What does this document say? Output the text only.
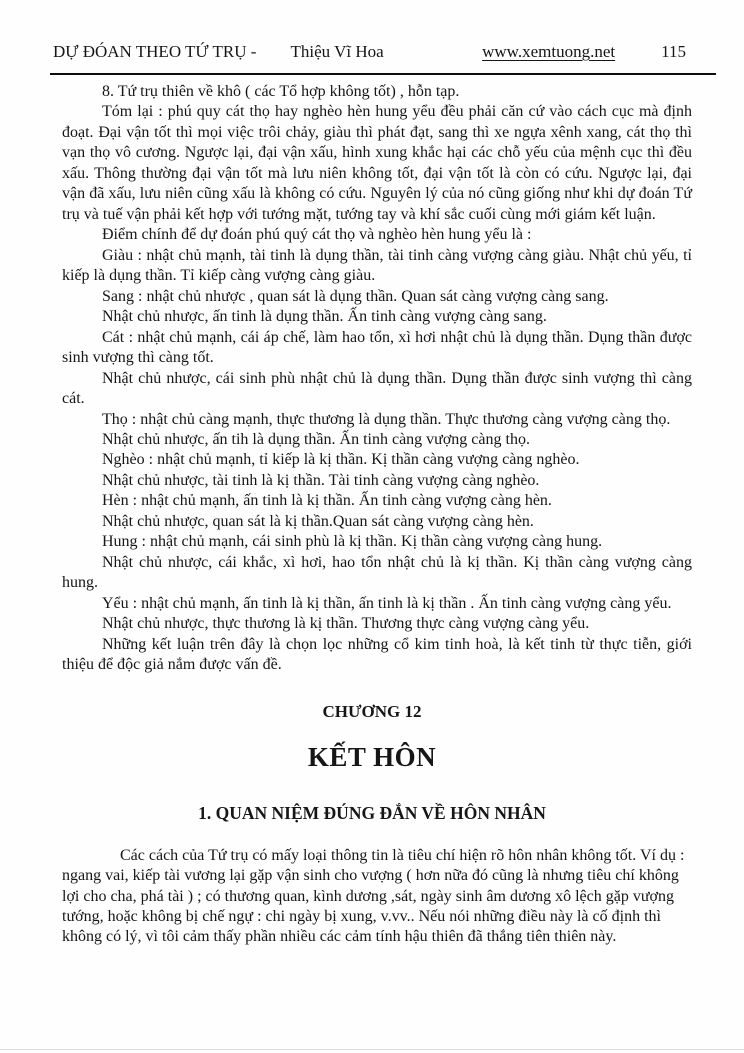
DỰ ĐÓAN THEO TỨ TRỤ - Thiệu Vĩ Hoa	www.xemtuong.net	115

8. Tứ trụ thiên về khô ( các Tổ hợp không tốt) , hỗn tạp.

Tóm lại : phú quy cát thọ hay nghèo hèn hung yểu đều phải căn cứ vào cách cục mà định đoạt. Đại vận tốt thì mọi việc trôi chảy, giàu thì phát đạt, sang thì xe ngựa xênh xang, cát thọ thì vạn thọ vô cương. Ngược lại, đại vận xấu, hình xung khắc hại các chỗ yếu của mệnh cục thì đều xấu. Thông thường đại vận tốt mà lưu niên không tốt, đại vận tốt là còn có cứu. Ngược lại, đại vận đã xấu, lưu niên cũng xấu là không có cứu. Nguyên lý của nó cũng giống như khi dự đoán Tứ trụ và tuế vận phải kết hợp với tướng mặt, tướng tay và khí sắc cuối cùng mới giám kết luận.

Điểm chính để dự đoán phú quý cát thọ và nghèo hèn hung yểu là :

Giàu : nhật chủ mạnh, tài tinh là dụng thần, tài tinh càng vượng càng giàu. Nhật chủ yếu, tỉ kiếp là dụng thần. Tỉ kiếp càng vượng càng giàu.

Sang : nhật chủ nhược , quan sát là dụng thần. Quan sát càng vượng càng sang.

Nhật chủ nhược, ấn tinh là dụng thần. Ấn tinh càng vượng càng sang.

Cát : nhật chủ mạnh, cái áp chế, làm hao tổn, xì hơi nhật chủ là dụng thần. Dụng thần được sinh vượng thì càng tốt.

Nhật chủ nhược, cái sinh phù nhật chủ là dụng thần. Dụng thần được sinh vượng thì càng cát.

Thọ : nhật chủ càng mạnh, thực thương là dụng thần. Thực thương càng vượng càng thọ.

Nhật chủ nhược, ấn tih là dụng thần. Ấn tinh càng vượng càng thọ.

Nghèo : nhật chủ mạnh, tỉ kiếp là kị thần. Kị thần càng vượng càng nghèo.

Nhật chủ nhược, tài tinh là kị thần. Tài tinh càng vượng càng nghèo.

Hèn : nhật chủ mạnh, ấn tinh là kị thần. Ấn tinh càng vượng càng hèn.

Nhật chủ nhược, quan sát là kị thần.Quan sát càng vượng càng hèn.

Hung : nhật chủ mạnh, cái sinh phù là kị thần. Kị thần càng vượng càng hung.

Nhật chủ nhược, cái khắc, xì hơi, hao tổn nhật chủ là kị thần. Kị thần càng vượng càng hung.

Yểu : nhật chủ mạnh, ấn tinh là kị thần, ấn tinh là kị thần . Ấn tinh càng vượng càng yểu.

Nhật chủ nhược, thực thương là kị thần. Thương thực càng vượng càng yểu.

Những kết luận trên đây là chọn lọc những cổ kim tinh hoà, là kết tinh từ thực tiễn, giới thiệu để độc giả nắm được vấn đề.

CHƯƠNG 12
KẾT HÔN
1. QUAN NIỆM ĐÚNG ĐẮN VỀ HÔN NHÂN

Các cách của Tứ trụ có mấy loại thông tin là tiêu chí hiện rõ hôn nhân không tốt. Ví dụ : ngang vai, kiếp tài vương lại gặp vận sinh cho vượng ( hơn nữa đó cũng là nhưng tiêu chí không lợi cho cha, phá tài ) ; có thương quan, kình dương ,sát, ngày sinh âm dương xô lệch gặp vượng tướng, hoặc không bị chế ngự : chi ngày bị xung, v.vv.. Nếu nói những điều này là cố định thì không có lý, vì tôi cảm thấy phần nhiều các cảm tính hậu thiên đã thắng tiên thiên này.
